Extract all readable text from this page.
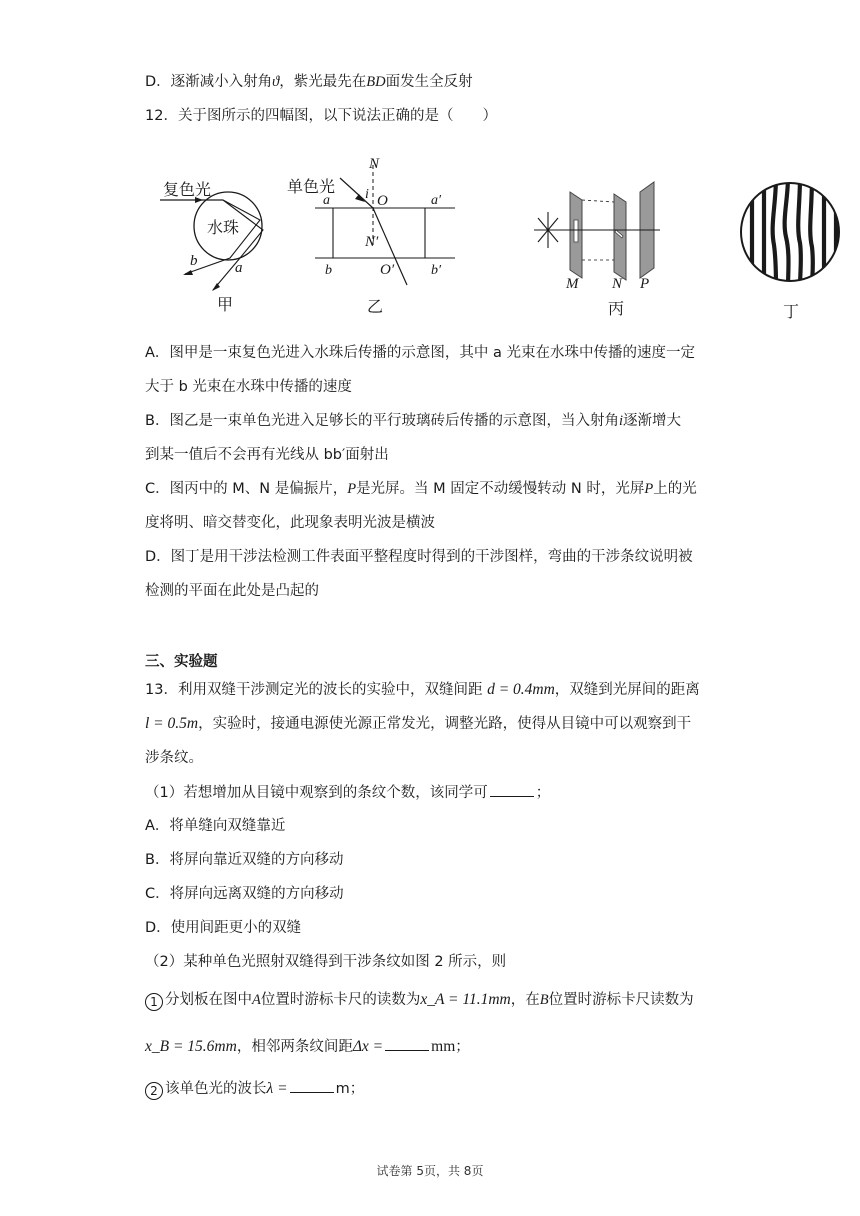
D．逐渐减小入射角ϑ，紫光最先在BD面发生全反射
12．关于图所示的四幅图，以下说法正确的是（　　）
复色光
水珠
b	a
甲
单色光
N
i O
a	a′
N′
b	O′	b′
乙
M N P
丙	丁
A．图甲是一束复色光进入水珠后传播的示意图，其中 a 光束在水珠中传播的速度一定
大于 b 光束在水珠中传播的速度
B．图乙是一束单色光进入足够长的平行玻璃砖后传播的示意图，当入射角i逐渐增大
到某一值后不会再有光线从 bb′面射出
C．图丙中的 M、N 是偏振片，P是光屏。当 M 固定不动缓慢转动 N 时，光屏P上的光
度将明、暗交替变化，此现象表明光波是横波
D．图丁是用干涉法检测工件表面平整程度时得到的干涉图样，弯曲的干涉条纹说明被
检测的平面在此处是凸起的
三、实验题
13．利用双缝干涉测定光的波长的实验中，双缝间距 d = 0.4mm，双缝到光屏间的距离
l = 0.5m，实验时，接通电源使光源正常发光，调整光路，使得从目镜中可以观察到干
涉条纹。
（1）若想增加从目镜中观察到的条纹个数，该同学可	；
A．将单缝向双缝靠近
B．将屏向靠近双缝的方向移动
C．将屏向远离双缝的方向移动
D．使用间距更小的双缝
（2）某种单色光照射双缝得到干涉条纹如图 2 所示，则
1 分划板在图中A位置时游标卡尺的读数为x_A = 11.1mm，在B位置时游标卡尺读数为
x_B = 15.6mm，相邻两条纹间距Δx =	mm；
2 该单色光的波长λ =	m；
试卷第 5页，共 8页
